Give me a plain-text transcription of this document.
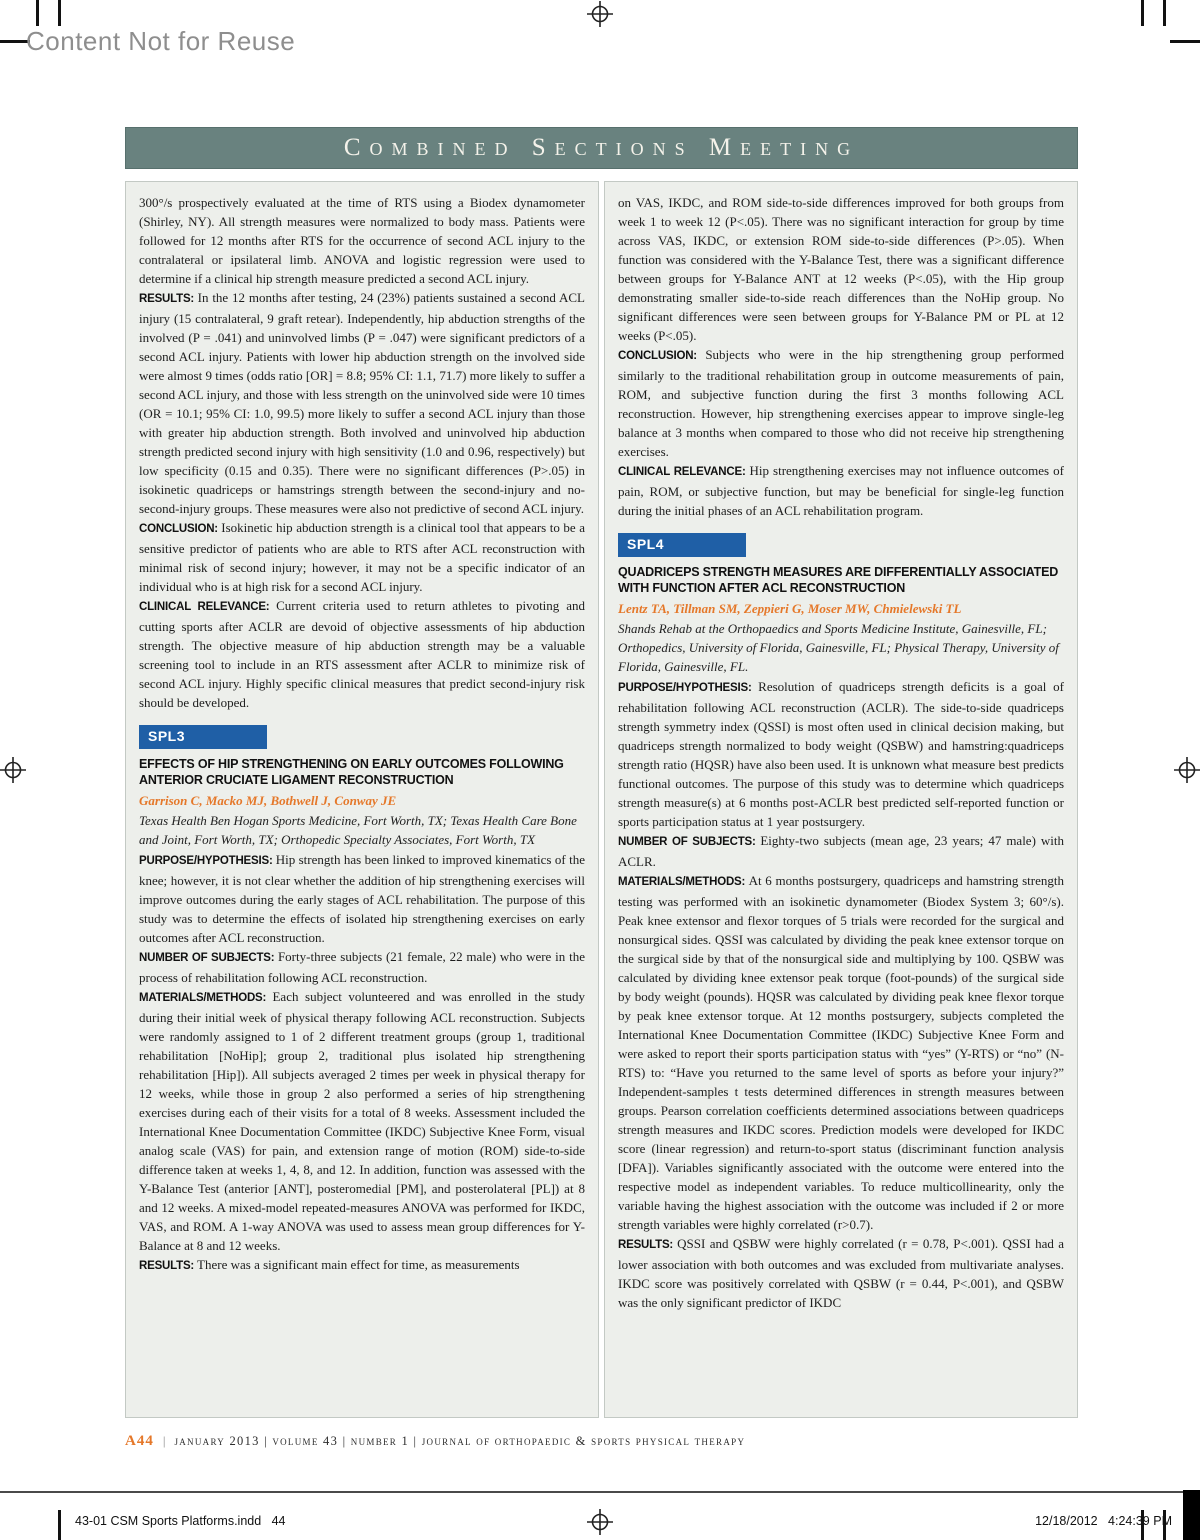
Content Not for Reuse
Combined Sections Meeting

300°/s prospectively evaluated at the time of RTS using a Biodex dynamometer (Shirley, NY). All strength measures were normalized to body mass. Patients were followed for 12 months after RTS for the occurrence of second ACL injury to the contralateral or ipsilateral limb. ANOVA and logistic regression were used to determine if a clinical hip strength measure predicted a second ACL injury.

RESULTS: In the 12 months after testing, 24 (23%) patients sustained a second ACL injury (15 contralateral, 9 graft retear). Independently, hip abduction strengths of the involved (P = .041) and uninvolved limbs (P = .047) were significant predictors of a second ACL injury. Patients with lower hip abduction strength on the involved side were almost 9 times (odds ratio [OR] = 8.8; 95% CI: 1.1, 71.7) more likely to suffer a second ACL injury, and those with less strength on the uninvolved side were 10 times (OR = 10.1; 95% CI: 1.0, 99.5) more likely to suffer a second ACL injury than those with greater hip abduction strength. Both involved and uninvolved hip abduction strength predicted second injury with high sensitivity (1.0 and 0.96, respectively) but low specificity (0.15 and 0.35). There were no significant differences (P>.05) in isokinetic quadriceps or hamstrings strength between the second-injury and no-second-injury groups. These measures were also not predictive of second ACL injury.

CONCLUSION: Isokinetic hip abduction strength is a clinical tool that appears to be a sensitive predictor of patients who are able to RTS after ACL reconstruction with minimal risk of second injury; however, it may not be a specific indicator of an individual who is at high risk for a second ACL injury.

CLINICAL RELEVANCE: Current criteria used to return athletes to pivoting and cutting sports after ACLR are devoid of objective assessments of hip abduction strength. The objective measure of hip abduction strength may be a valuable screening tool to include in an RTS assessment after ACLR to minimize risk of second ACL injury. Highly specific clinical measures that predict second-injury risk should be developed.

SPL3
EFFECTS OF HIP STRENGTHENING ON EARLY OUTCOMES FOLLOWING ANTERIOR CRUCIATE LIGAMENT RECONSTRUCTION

Garrison C, Macko MJ, Bothwell J, Conway JE

Texas Health Ben Hogan Sports Medicine, Fort Worth, TX; Texas Health Care Bone and Joint, Fort Worth, TX; Orthopedic Specialty Associates, Fort Worth, TX

PURPOSE/HYPOTHESIS: Hip strength has been linked to improved kinematics of the knee; however, it is not clear whether the addition of hip strengthening exercises will improve outcomes during the early stages of ACL rehabilitation. The purpose of this study was to determine the effects of isolated hip strengthening exercises on early outcomes after ACL reconstruction.

NUMBER OF SUBJECTS: Forty-three subjects (21 female, 22 male) who were in the process of rehabilitation following ACL reconstruction.

MATERIALS/METHODS: Each subject volunteered and was enrolled in the study during their initial week of physical therapy following ACL reconstruction. Subjects were randomly assigned to 1 of 2 different treatment groups (group 1, traditional rehabilitation [NoHip]; group 2, traditional plus isolated hip strengthening rehabilitation [Hip]). All subjects averaged 2 times per week in physical therapy for 12 weeks, while those in group 2 also performed a series of hip strengthening exercises during each of their visits for a total of 8 weeks. Assessment included the International Knee Documentation Committee (IKDC) Subjective Knee Form, visual analog scale (VAS) for pain, and extension range of motion (ROM) side-to-side difference taken at weeks 1, 4, 8, and 12. In addition, function was assessed with the Y-Balance Test (anterior [ANT], posteromedial [PM], and posterolateral [PL]) at 8 and 12 weeks. A mixed-model repeated-measures ANOVA was performed for IKDC, VAS, and ROM. A 1-way ANOVA was used to assess mean group differences for Y-Balance at 8 and 12 weeks.

RESULTS: There was a significant main effect for time, as measurements

on VAS, IKDC, and ROM side-to-side differences improved for both groups from week 1 to week 12 (P<.05). There was no significant interaction for group by time across VAS, IKDC, or extension ROM side-to-side differences (P>.05). When function was considered with the Y-Balance Test, there was a significant difference between groups for Y-Balance ANT at 12 weeks (P<.05), with the Hip group demonstrating smaller side-to-side reach differences than the NoHip group. No significant differences were seen between groups for Y-Balance PM or PL at 12 weeks (P<.05).

CONCLUSION: Subjects who were in the hip strengthening group performed similarly to the traditional rehabilitation group in outcome measurements of pain, ROM, and subjective function during the first 3 months following ACL reconstruction. However, hip strengthening exercises appear to improve single-leg balance at 3 months when compared to those who did not receive hip strengthening exercises.

CLINICAL RELEVANCE: Hip strengthening exercises may not influence outcomes of pain, ROM, or subjective function, but may be beneficial for single-leg function during the initial phases of an ACL rehabilitation program.

SPL4
QUADRICEPS STRENGTH MEASURES ARE DIFFERENTIALLY ASSOCIATED WITH FUNCTION AFTER ACL RECONSTRUCTION

Lentz TA, Tillman SM, Zeppieri G, Moser MW, Chmielewski TL

Shands Rehab at the Orthopaedics and Sports Medicine Institute, Gainesville, FL; Orthopedics, University of Florida, Gainesville, FL; Physical Therapy, University of Florida, Gainesville, FL.

PURPOSE/HYPOTHESIS: Resolution of quadriceps strength deficits is a goal of rehabilitation following ACL reconstruction (ACLR). The side-to-side quadriceps strength symmetry index (QSSI) is most often used in clinical decision making, but quadriceps strength normalized to body weight (QSBW) and hamstring:quadriceps strength ratio (HQSR) have also been used. It is unknown what measure best predicts functional outcomes. The purpose of this study was to determine which quadriceps strength measure(s) at 6 months post-ACLR best predicted self-reported function or sports participation status at 1 year postsurgery.

NUMBER OF SUBJECTS: Eighty-two subjects (mean age, 23 years; 47 male) with ACLR.

MATERIALS/METHODS: At 6 months postsurgery, quadriceps and hamstring strength testing was performed with an isokinetic dynamometer (Biodex System 3; 60°/s). Peak knee extensor and flexor torques of 5 trials were recorded for the surgical and nonsurgical sides. QSSI was calculated by dividing the peak knee extensor torque on the surgical side by that of the nonsurgical side and multiplying by 100. QSBW was calculated by dividing knee extensor peak torque (foot-pounds) of the surgical side by body weight (pounds). HQSR was calculated by dividing peak knee flexor torque by peak knee extensor torque. At 12 months postsurgery, subjects completed the International Knee Documentation Committee (IKDC) Subjective Knee Form and were asked to report their sports participation status with “yes” (Y-RTS) or “no” (N-RTS) to: “Have you returned to the same level of sports as before your injury?” Independent-samples t tests determined differences in strength measures between groups. Pearson correlation coefficients determined associations between quadriceps strength measures and IKDC scores. Prediction models were developed for IKDC score (linear regression) and return-to-sport status (discriminant function analysis [DFA]). Variables significantly associated with the outcome were entered into the respective model as independent variables. To reduce multicollinearity, only the variable having the highest association with the outcome was included if 2 or more strength variables were highly correlated (r>0.7).

RESULTS: QSSI and QSBW were highly correlated (r = 0.78, P<.001). QSSI had a lower association with both outcomes and was excluded from multivariate analyses. IKDC score was positively correlated with QSBW (r = 0.44, P<.001), and QSBW was the only significant predictor of IKDC

A44 | january 2013 | volume 43 | number 1 | journal of orthopaedic & sports physical therapy
43-01 CSM Sports Platforms.indd   44	12/18/2012   4:24:39 PM
